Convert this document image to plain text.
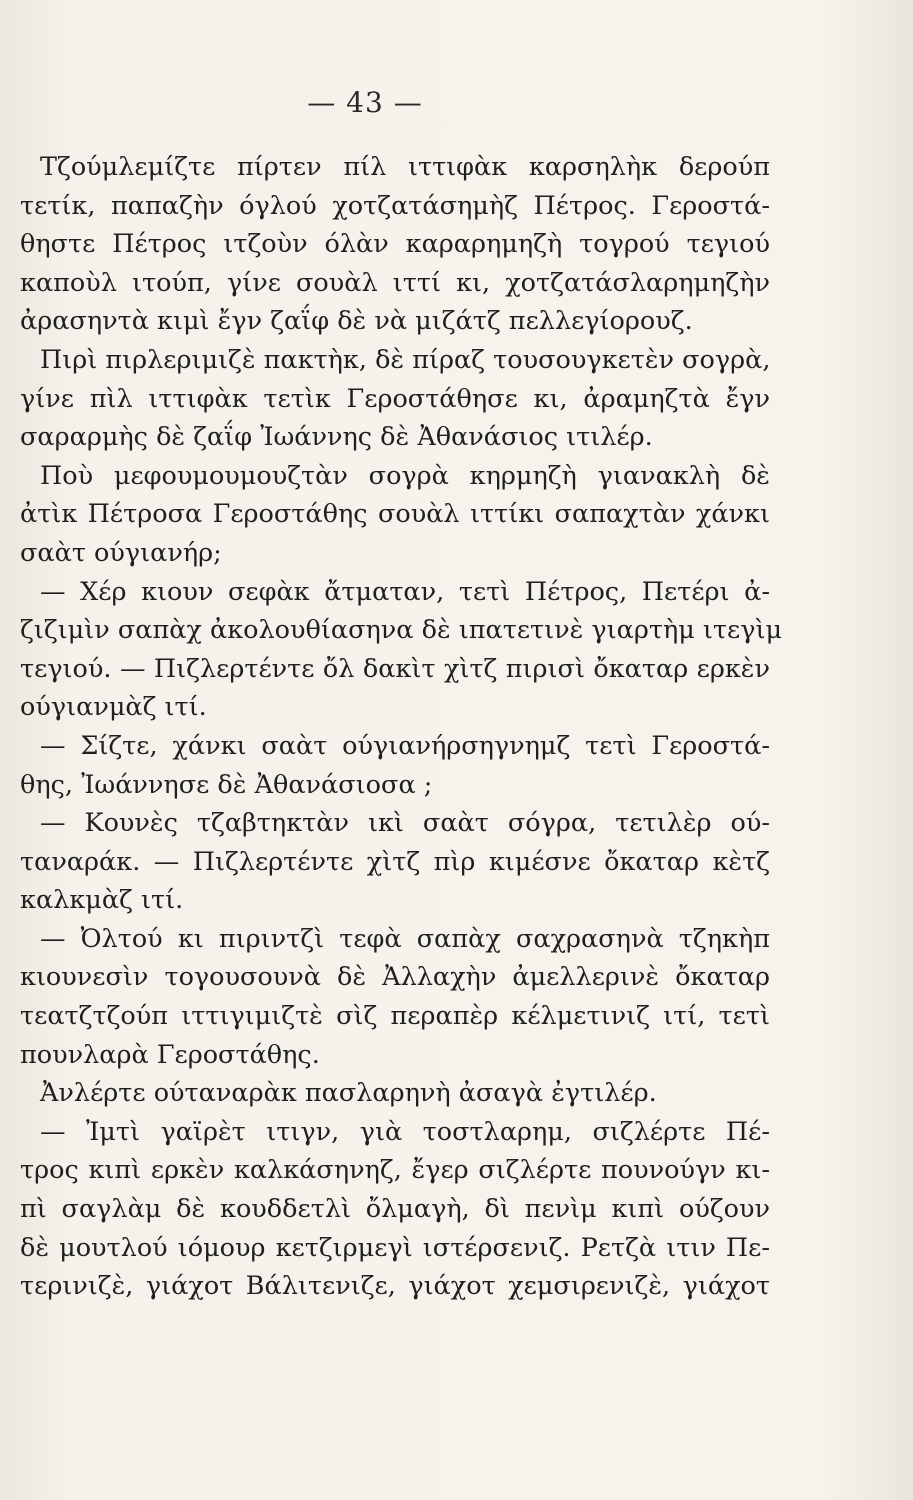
— 43 —
Τζούμλεμίζτε πίρτεν πίλ ιττιφὰκ καρσηλὴκ δερούπ
τετίκ, παπαζὴν όγλού χοτζατάσημὴζ Πέτρος. Γεροστά-
θηστε Πέτρος ιτζοὺν όλὰν καραρημηζὴ τογρού τεγιού
καποὺλ ιτούπ, γίνε σουὰλ ιττί κι, χοτζατάσλαρημηζὴν
ἀρασηντὰ κιμὶ ἔγν ζαΐφ δὲ νὰ μιζάτζ πελλεγίορουζ.
Πιρὶ πιρλεριμιζὲ πακτὴκ, δὲ πίραζ τουσουγκετὲν σογρὰ,
γίνε πὶλ ιττιφὰκ τετὶκ Γεροστάθησε κι, ἀραμηζτὰ ἔγν
σαραρμὴς δὲ ζαΐφ Ἰωάννης δὲ Ἀθανάσιος ιτιλέρ.
Ποὺ μεφουμουμουζτὰν σογρὰ κηρμηζὴ γιανακλὴ δὲ
ἀτὶκ Πέτροσα Γεροστάθης σουὰλ ιττίκι σαπαχτὰν χάνκι
σαὰτ ούγιανήρ;
— Χέρ κιουν σεφὰκ ἄτματαν, τετὶ Πέτρος, Πετέρι ἀ-
ζιζιμὶν σαπὰχ ἀκολουθίασηνα δὲ ιπατετινὲ γιαρτὴμ ιτεγὶμ
τεγιού. — Πιζλερτέντε ὄλ δακὶτ χὶτζ πιρισὶ ὄκαταρ ερκὲν
ούγιανμὰζ ιτί.
— Σίζτε, χάνκι σαὰτ ούγιανήρσηγνημζ τετὶ Γεροστά-
θης, Ἰωάννησε δὲ Ἀθανάσιοσα ;
— Κουνὲς τζαβτηκτὰν ικὶ σαὰτ σόγρα, τετιλὲρ ού-
ταναράκ. — Πιζλερτέντε χὶτζ πὶρ κιμέσνε ὄκαταρ κὲτζ
καλκμὰζ ιτί.
— Ὀλτού κι πιριντζὶ τεφὰ σαπὰχ σαχρασηνὰ τζηκὴπ
κιουνεσὶν τογουσουνὰ δὲ Ἀλλαχὴν ἀμελλερινὲ ὄκαταρ
τεατζτζούπ ιττιγιμιζτὲ σὶζ περαπὲρ κέλμετινιζ ιτί, τετὶ
πουνλαρὰ Γεροστάθης.
Ἀνλέρτε ούταναρὰκ πασλαρηνὴ ἀσαγὰ ἐγτιλέρ.
— Ἰμτὶ γαϊρὲτ ιτιγν, γιὰ τοστλαρημ, σιζλέρτε Πέ-
τρος κιπὶ ερκὲν καλκάσηνηζ, ἔγερ σιζλέρτε πουνούγν κι-
πὶ σαγλὰμ δὲ κουδδετλὶ ὄλμαγὴ, δὶ πενὶμ κιπὶ ούζουν
δὲ μουτλού ιόμουρ κετζιρμεγὶ ιστέρσενιζ. Ρετζὰ ιτιν Πε-
τερινιζὲ, γιάχοτ Βάλιτενιζε, γιάχοτ χεμσιρενιζὲ, γιάχοτ
